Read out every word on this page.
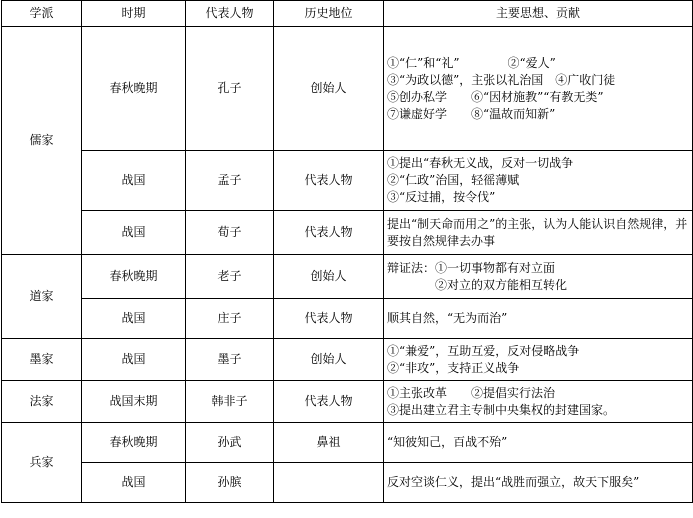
学派	时期	代表人物	历史地位	主要思想、贡献
儒家	春秋晚期	孔子	创始人	①“仁”和“礼”　　　　②“爱人”
③“为政以德”，主张以礼治国　④广收门徒
⑤创办私学　　⑥“因材施教”“有教无类”
⑦谦虚好学　　⑧“温故而知新”

	战国	孟子	代表人物	①提出“春秋无义战，反对一切战争
②“仁政”治国，轻徭薄赋
③“反过捕，按令伐”

	战国	荀子	代表人物	提出“制天命而用之”的主张，认为人能认识自然规律，并要按自然规律去办事

道家	春秋晚期	老子	创始人	辩证法：①一切事物都有对立面
　　　　②对立的双方能相互转化

	战国	庄子	代表人物	顺其自然，“无为而治”

墨家	战国	墨子	创始人	①“兼爱”，互助互爱，反对侵略战争
②“非攻”，支持正义战争

法家	战国末期	韩非子	代表人物	①主张改革　　②提倡实行法治
③提出建立君主专制中央集权的封建国家。

兵家	春秋晚期	孙武	鼻祖	“知彼知己，百战不殆”

	战国	孙膑		反对空谈仁义，提出“战胜而强立，故天下服矣”
